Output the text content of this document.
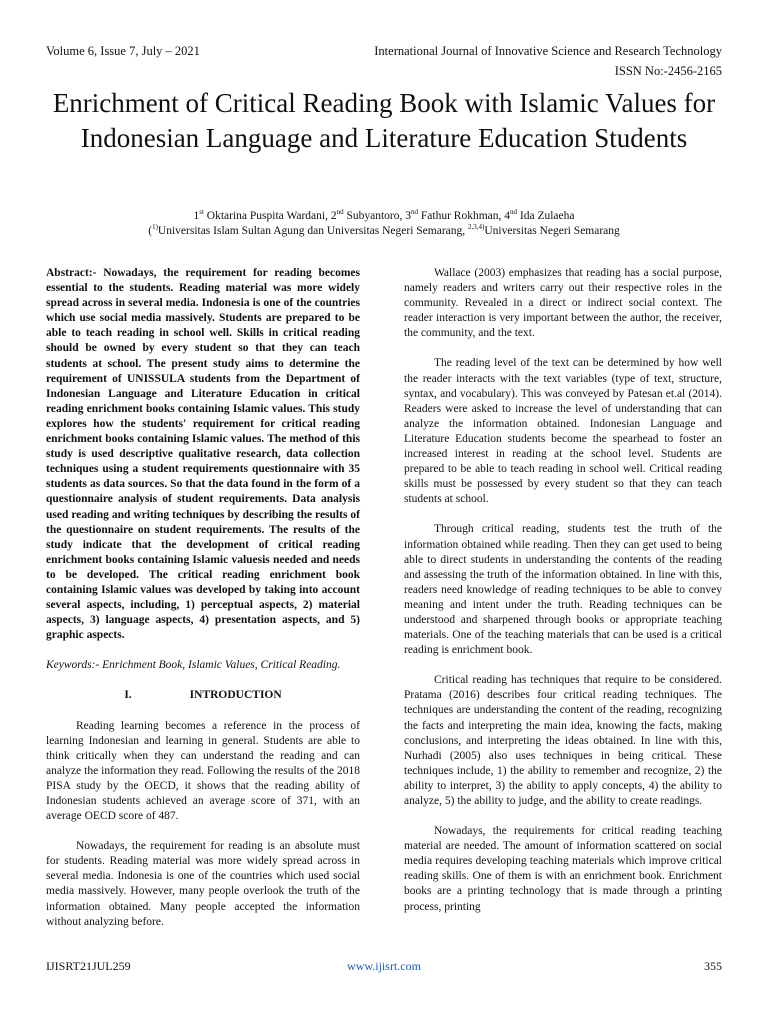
Volume 6, Issue 7, July – 2021	International Journal of Innovative Science and Research Technology
ISSN No:-2456-2165
Enrichment of Critical Reading Book with Islamic Values for Indonesian Language and Literature Education Students
1st Oktarina Puspita Wardani, 2nd Subyantoro, 3nd Fathur Rokhman, 4nd Ida Zulaeha
($^{1)}$Universitas Islam Sultan Agung dan Universitas Negeri Semarang, $^{2,3,4)}$Universitas Negeri Semarang

Abstract:- Nowadays, the requirement for reading becomes essential to the students. Reading material was more widely spread across in several media. Indonesia is one of the countries which use social media massively. Students are prepared to be able to teach reading in school well. Skills in critical reading should be owned by every student so that they can teach students at school. The present study aims to determine the requirement of UNISSULA students from the Department of Indonesian Language and Literature Education in critical reading enrichment books containing Islamic values. This study explores how the students' requirement for critical reading enrichment books containing Islamic values. The method of this study is used descriptive qualitative research, data collection techniques using a student requirements questionnaire with 35 students as data sources. So that the data found in the form of a questionnaire analysis of student requirements. Data analysis used reading and writing techniques by describing the results of the questionnaire on student requirements. The results of the study indicate that the development of critical reading enrichment books containing Islamic valuesis needed and needs to be developed. The critical reading enrichment book containing Islamic values was developed by taking into account several aspects, including, 1) perceptual aspects, 2) material aspects, 3) language aspects, 4) presentation aspects, and 5) graphic aspects.

Keywords:- Enrichment Book, Islamic Values, Critical Reading.

I.	INTRODUCTION

Reading learning becomes a reference in the process of learning Indonesian and learning in general. Students are able to think critically when they can understand the reading and can analyze the information they read. Following the results of the 2018 PISA study by the OECD, it shows that the reading ability of Indonesian students achieved an average score of 371, with an average OECD score of 487.

Nowadays, the requirement for reading is an absolute must for students. Reading material was more widely spread across in several media. Indonesia is one of the countries which used social media massively. However, many people overlook the truth of the information obtained. Many people accepted the information without analyzing before.

Wallace (2003) emphasizes that reading has a social purpose, namely readers and writers carry out their respective roles in the community. Revealed in a direct or indirect social context. The reader interaction is very important between the author, the receiver, the community, and the text.

The reading level of the text can be determined by how well the reader interacts with the text variables (type of text, structure, syntax, and vocabulary). This was conveyed by Patesan et.al (2014). Readers were asked to increase the level of understanding that can analyze the information obtained. Indonesian Language and Literature Education students become the spearhead to foster an increased interest in reading at the school level. Students are prepared to be able to teach reading in school well. Critical reading skills must be possessed by every student so that they can teach students at school.

Through critical reading, students test the truth of the information obtained while reading. Then they can get used to being able to direct students in understanding the contents of the reading and assessing the truth of the information obtained. In line with this, readers need knowledge of reading techniques to be able to convey meaning and intent under the truth. Reading techniques can be understood and sharpened through books or appropriate teaching materials. One of the teaching materials that can be used is a critical reading is enrichment book.

Critical reading has techniques that require to be considered. Pratama (2016) describes four critical reading techniques. The techniques are understanding the content of the reading, recognizing the facts and interpreting the main idea, knowing the facts, making conclusions, and interpreting the ideas obtained. In line with this, Nurhadi (2005) also uses techniques in being critical. These techniques include, 1) the ability to remember and recognize, 2) the ability to interpret, 3) the ability to apply concepts, 4) the ability to analyze, 5) the ability to judge, and the ability to create readings.

Nowadays, the requirements for critical reading teaching material are needed. The amount of information scattered on social media requires developing teaching materials which improve critical reading skills. One of them is with an enrichment book. Enrichment books are a printing technology that is made through a printing process, printing

IJISRT21JUL259	www.ijisrt.com	355
